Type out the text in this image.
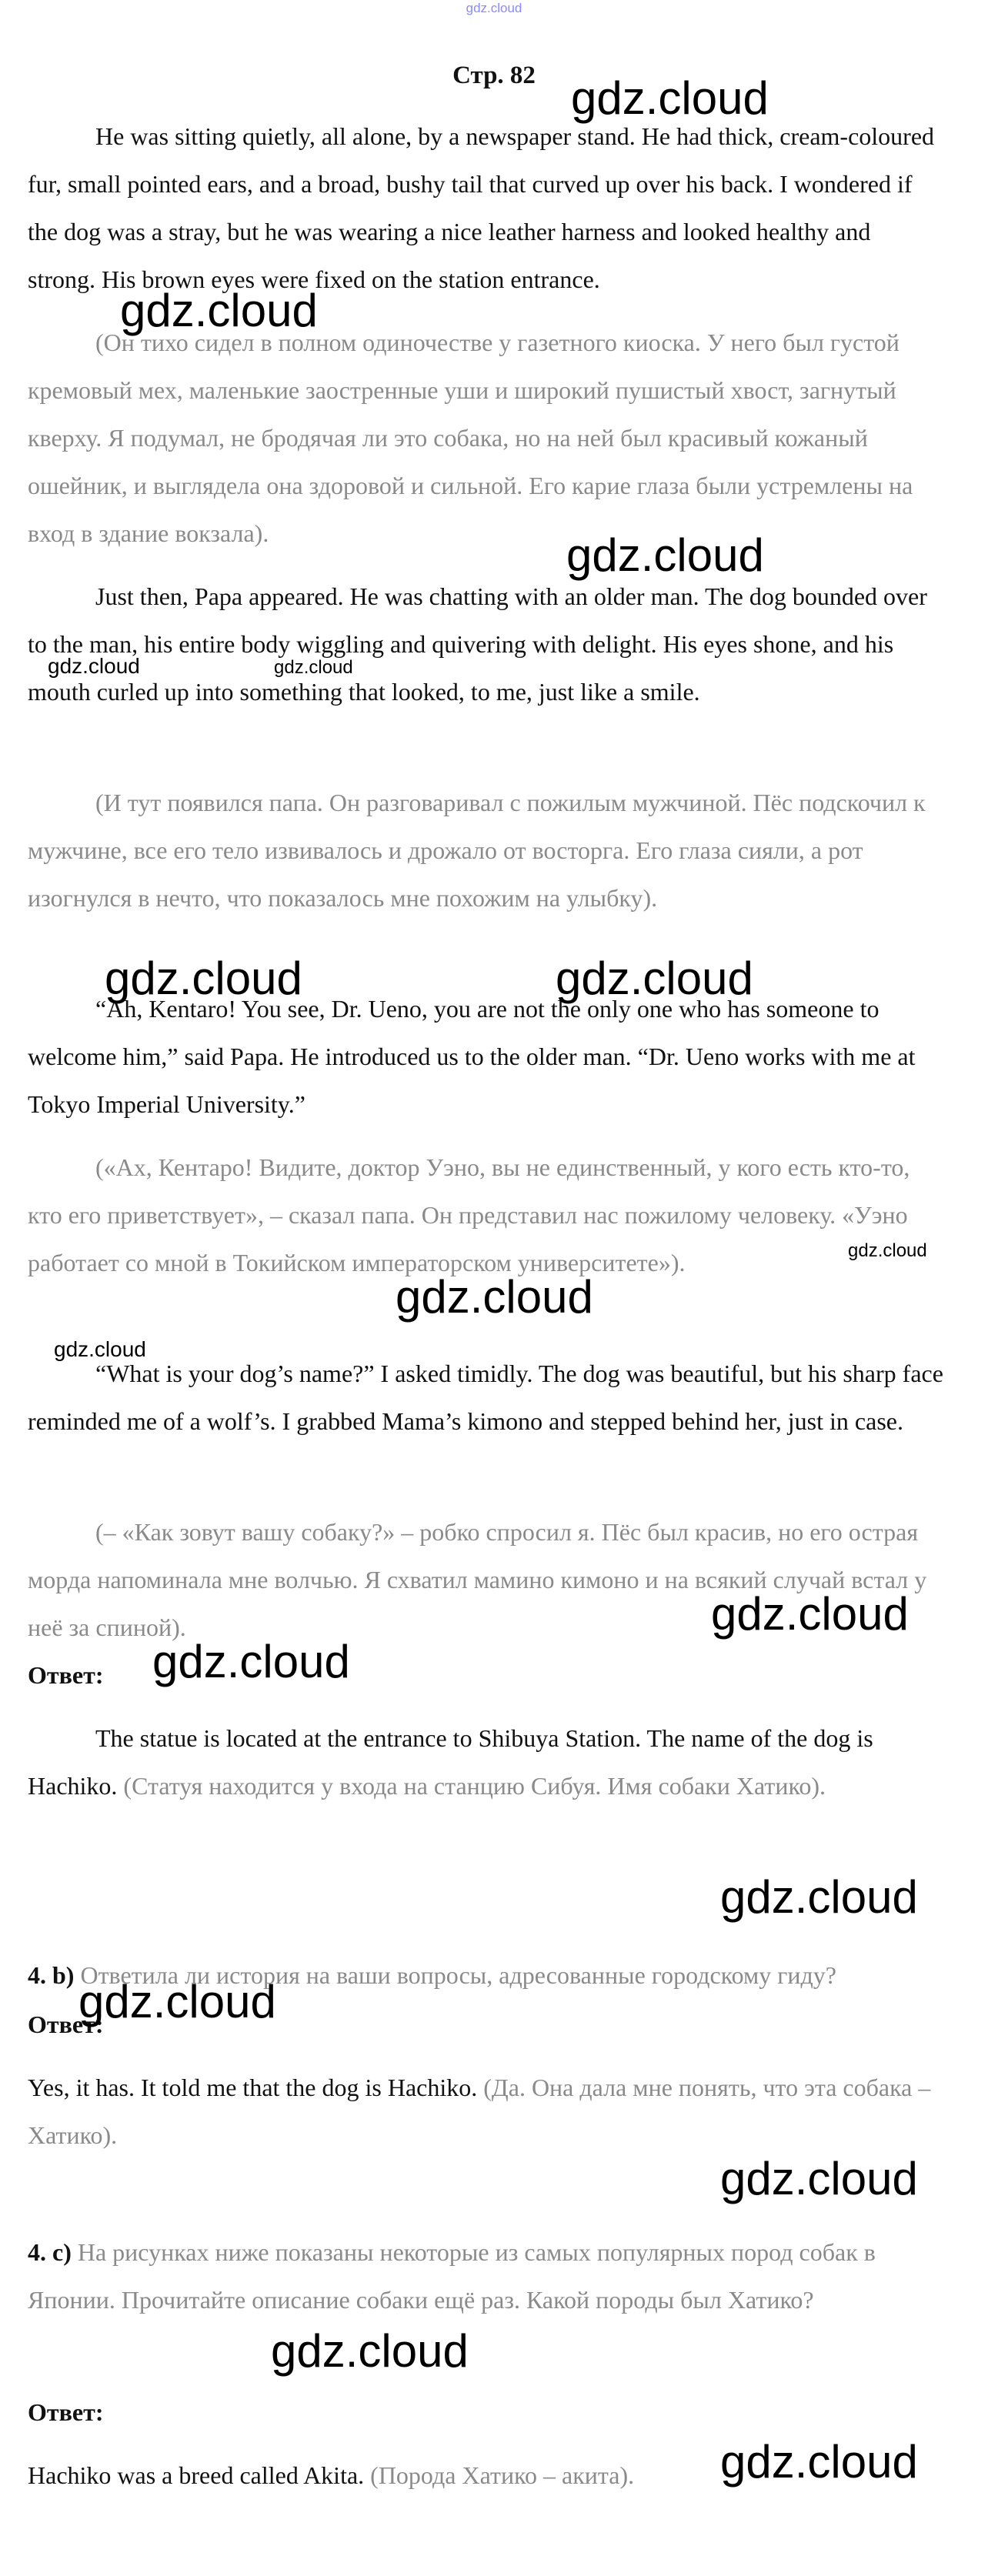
gdz.cloud
Стр. 82

He was sitting quietly, all alone, by a newspaper stand. He had thick, cream-coloured fur, small pointed ears, and a broad, bushy tail that curved up over his back. I wondered if the dog was a stray, but he was wearing a nice leather harness and looked healthy and strong. His brown eyes were fixed on the station entrance.

(Он тихо сидел в полном одиночестве у газетного киоска. У него был густой кремовый мех, маленькие заостренные уши и широкий пушистый хвост, загнутый кверху. Я подумал, не бродячая ли это собака, но на ней был красивый кожаный ошейник, и выглядела она здоровой и сильной. Его карие глаза были устремлены на вход в здание вокзала).

Just then, Papa appeared. He was chatting with an older man. The dog bounded over to the man, his entire body wiggling and quivering with delight. His eyes shone, and his mouth curled up into something that looked, to me, just like a smile.

(И тут появился папа. Он разговаривал с пожилым мужчиной. Пёс подскочил к мужчине, все его тело извивалось и дрожало от восторга. Его глаза сияли, а рот изогнулся в нечто, что показалось мне похожим на улыбку).

“Ah, Kentaro! You see, Dr. Ueno, you are not the only one who has someone to welcome him,” said Papa. He introduced us to the older man. “Dr. Ueno works with me at Tokyo Imperial University.”

(«Ах, Кентаро! Видите, доктор Уэно, вы не единственный, у кого есть кто-то, кто его приветствует», – сказал папа. Он представил нас пожилому человеку. «Уэно работает со мной в Токийском императорском университете»).

“What is your dog’s name?” I asked timidly. The dog was beautiful, but his sharp face reminded me of a wolf’s. I grabbed Mama’s kimono and stepped behind her, just in case.

(– «Как зовут вашу собаку?» – робко спросил я. Пёс был красив, но его острая морда напоминала мне волчью. Я схватил мамино кимоно и на всякий случай встал у неё за спиной).

Ответ:

The statue is located at the entrance to Shibuya Station. The name of the dog is Hachiko. (Статуя находится у входа на станцию Сибуя. Имя собаки Хатико).

4. b) Ответила ли история на ваши вопросы, адресованные городскому гиду?

Ответ:

Yes, it has. It told me that the dog is Hachiko. (Да. Она дала мне понять, что эта собака – Хатико).

4. c) На рисунках ниже показаны некоторые из самых популярных пород собак в Японии. Прочитайте описание собаки ещё раз. Какой породы был Хатико?

Ответ:

Hachiko was a breed called Akita. (Порода Хатико – акита).

gdz.cloud
gdz.cloud
gdz.cloud
gdz.cloud	gdz.cloud
gdz.cloud	gdz.cloud
gdz.cloud
gdz.cloud
gdz.cloud
gdz.cloud
gdz.cloud
gdz.cloud
gdz.cloud
gdz.cloud
gdz.cloud
gdz.cloud
